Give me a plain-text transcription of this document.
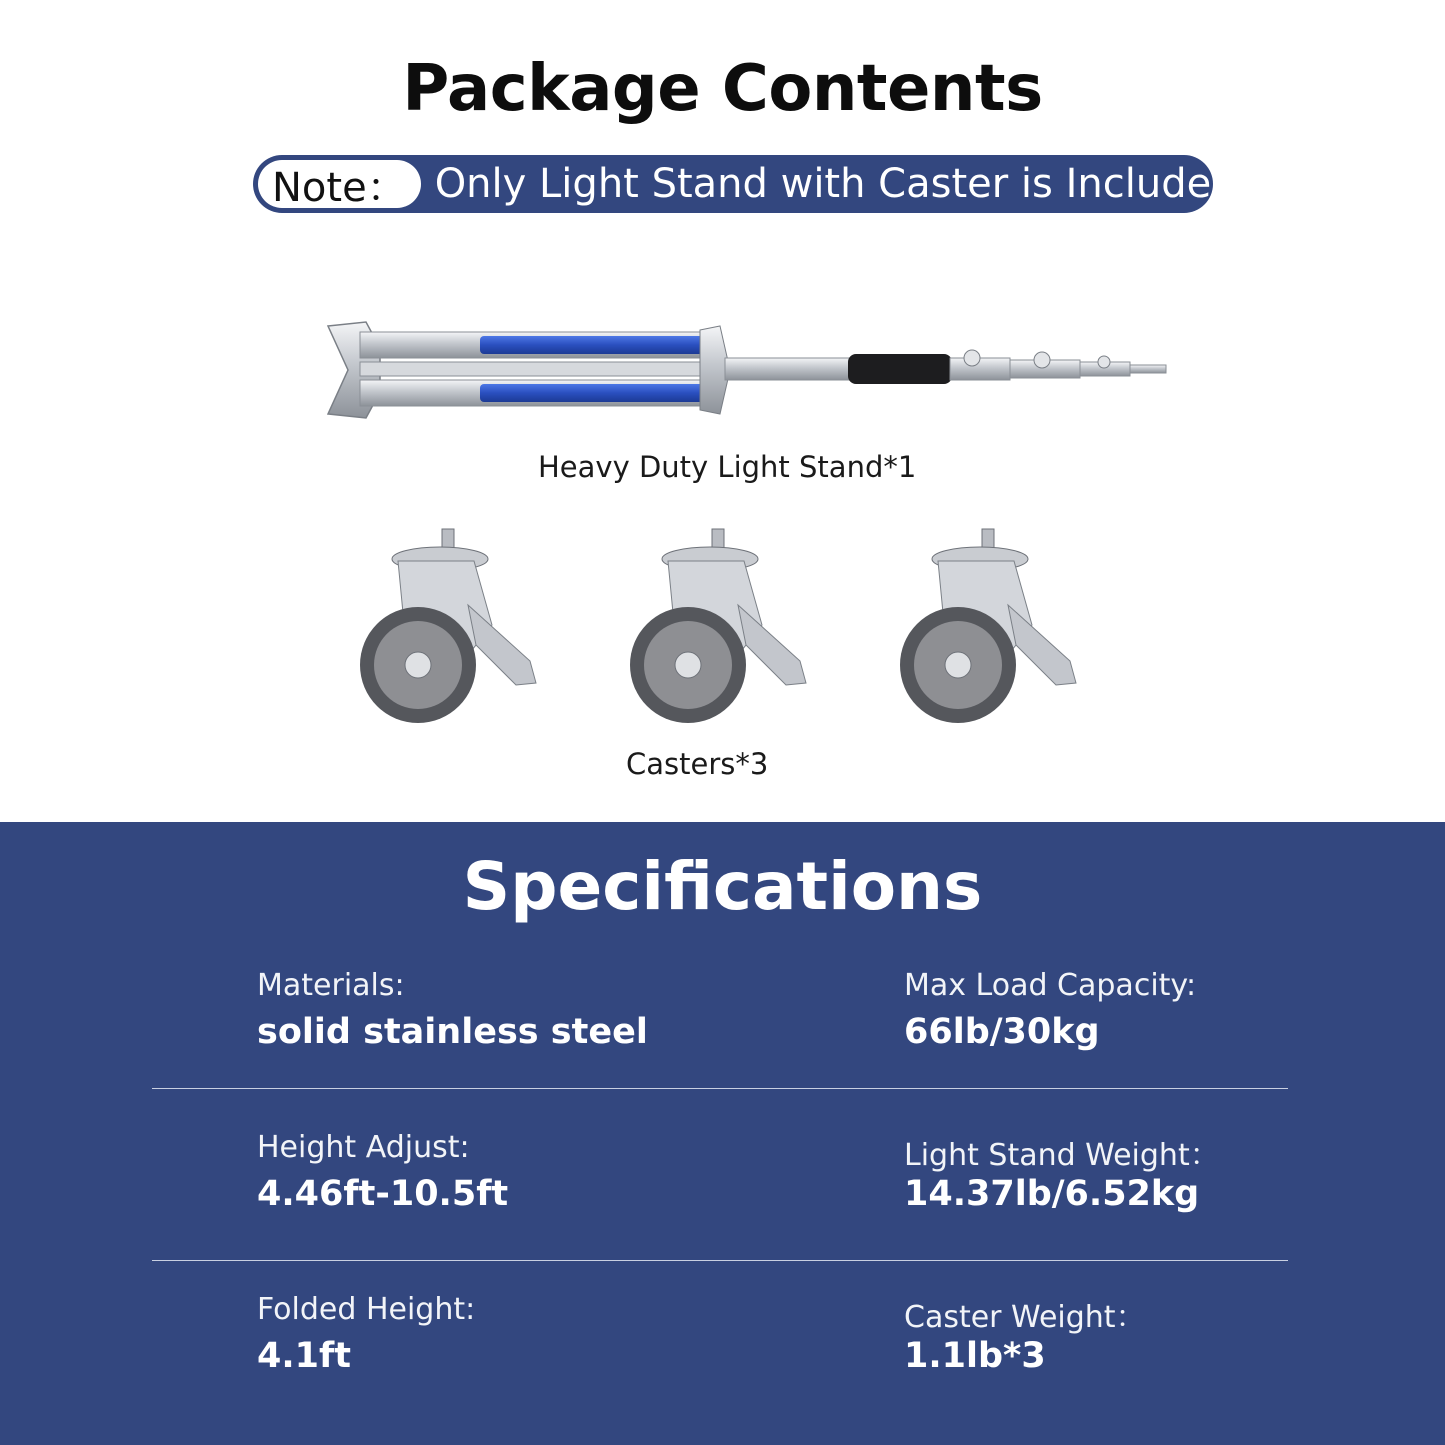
Package Contents
Note： Only Light Stand with Caster is Included.
Heavy Duty Light Stand*1
Casters*3
Specifications
Materials:
solid stainless steel
Max Load Capacity:
66lb/30kg
Height Adjust:
4.46ft-10.5ft
Light Stand Weight：
14.37lb/6.52kg
Folded Height:
4.1ft
Caster Weight：
1.1lb*3
